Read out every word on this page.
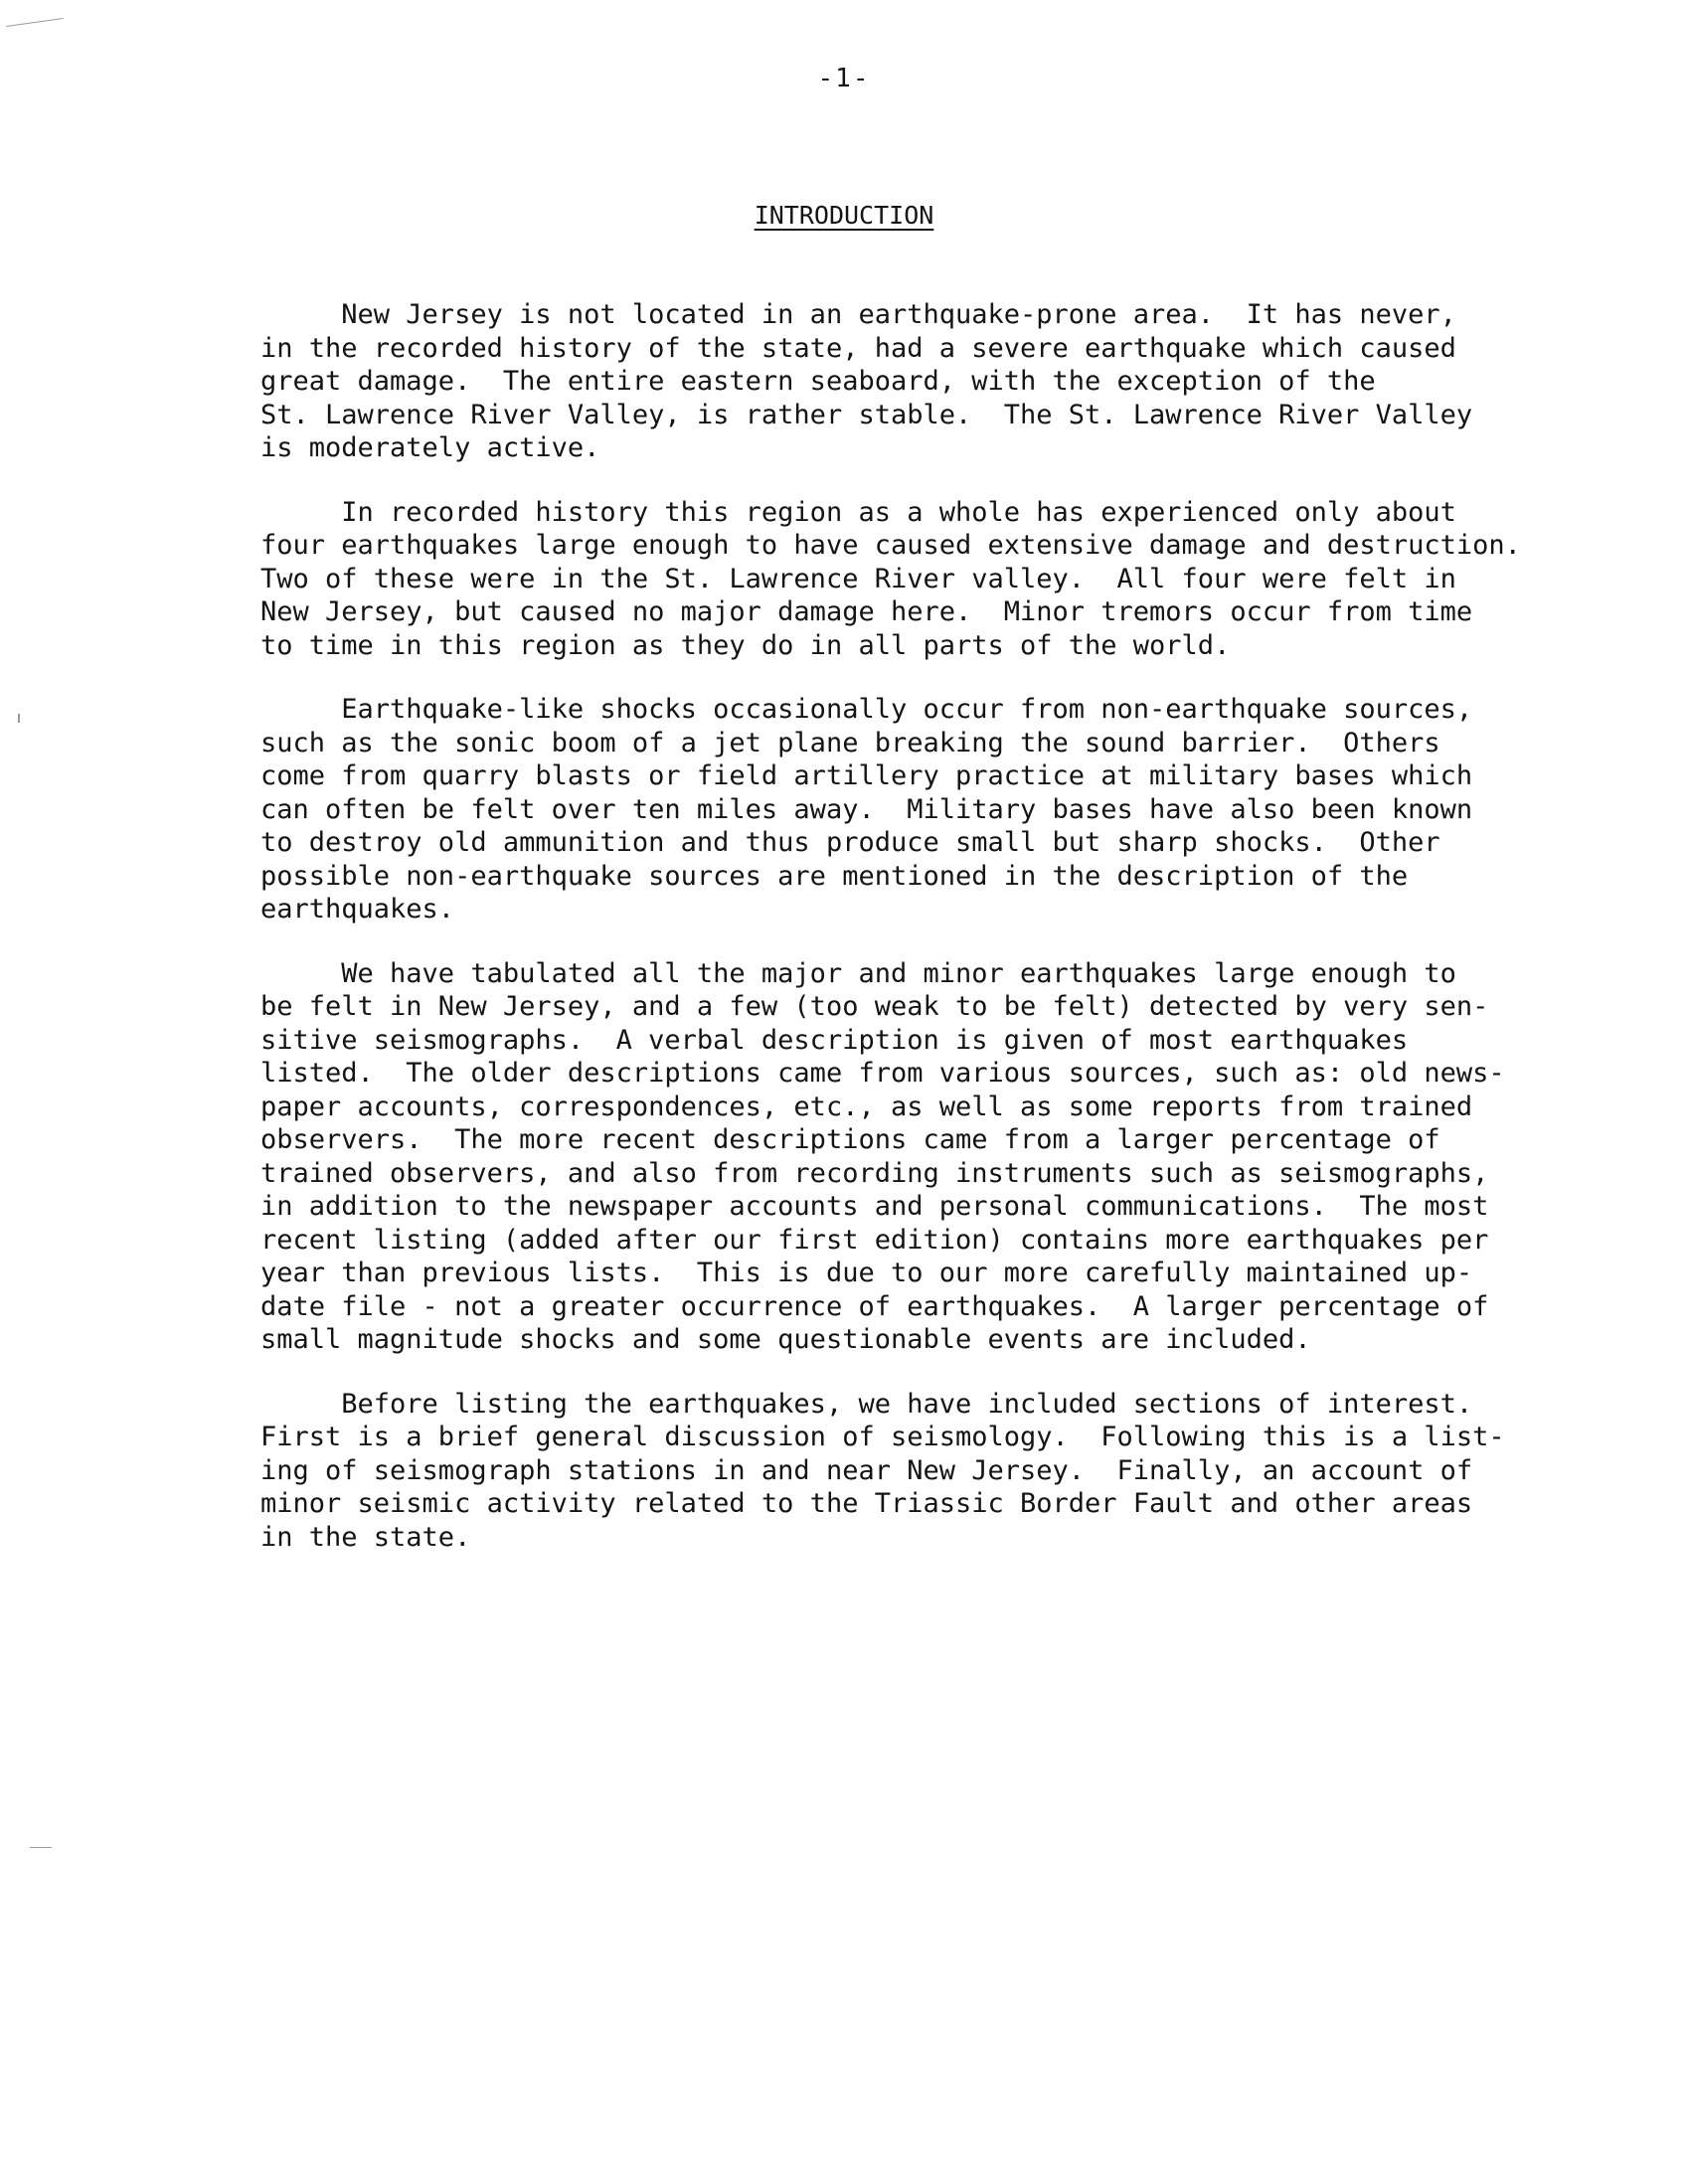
-1-
INTRODUCTION
New Jersey is not located in an earthquake-prone area.  It has never,
in the recorded history of the state, had a severe earthquake which caused
great damage.  The entire eastern seaboard, with the exception of the
St. Lawrence River Valley, is rather stable.  The St. Lawrence River Valley
is moderately active.
In recorded history this region as a whole has experienced only about
four earthquakes large enough to have caused extensive damage and destruction.
Two of these were in the St. Lawrence River valley.  All four were felt in
New Jersey, but caused no major damage here.  Minor tremors occur from time
to time in this region as they do in all parts of the world.
Earthquake-like shocks occasionally occur from non-earthquake sources,
such as the sonic boom of a jet plane breaking the sound barrier.  Others
come from quarry blasts or field artillery practice at military bases which
can often be felt over ten miles away.  Military bases have also been known
to destroy old ammunition and thus produce small but sharp shocks.  Other
possible non-earthquake sources are mentioned in the description of the
earthquakes.
We have tabulated all the major and minor earthquakes large enough to
be felt in New Jersey, and a few (too weak to be felt) detected by very sen-
sitive seismographs.  A verbal description is given of most earthquakes
listed.  The older descriptions came from various sources, such as: old news-
paper accounts, correspondences, etc., as well as some reports from trained
observers.  The more recent descriptions came from a larger percentage of
trained observers, and also from recording instruments such as seismographs,
in addition to the newspaper accounts and personal communications.  The most
recent listing (added after our first edition) contains more earthquakes per
year than previous lists.  This is due to our more carefully maintained up-
date file - not a greater occurrence of earthquakes.  A larger percentage of
small magnitude shocks and some questionable events are included.
Before listing the earthquakes, we have included sections of interest.
First is a brief general discussion of seismology.  Following this is a list-
ing of seismograph stations in and near New Jersey.  Finally, an account of
minor seismic activity related to the Triassic Border Fault and other areas
in the state.
